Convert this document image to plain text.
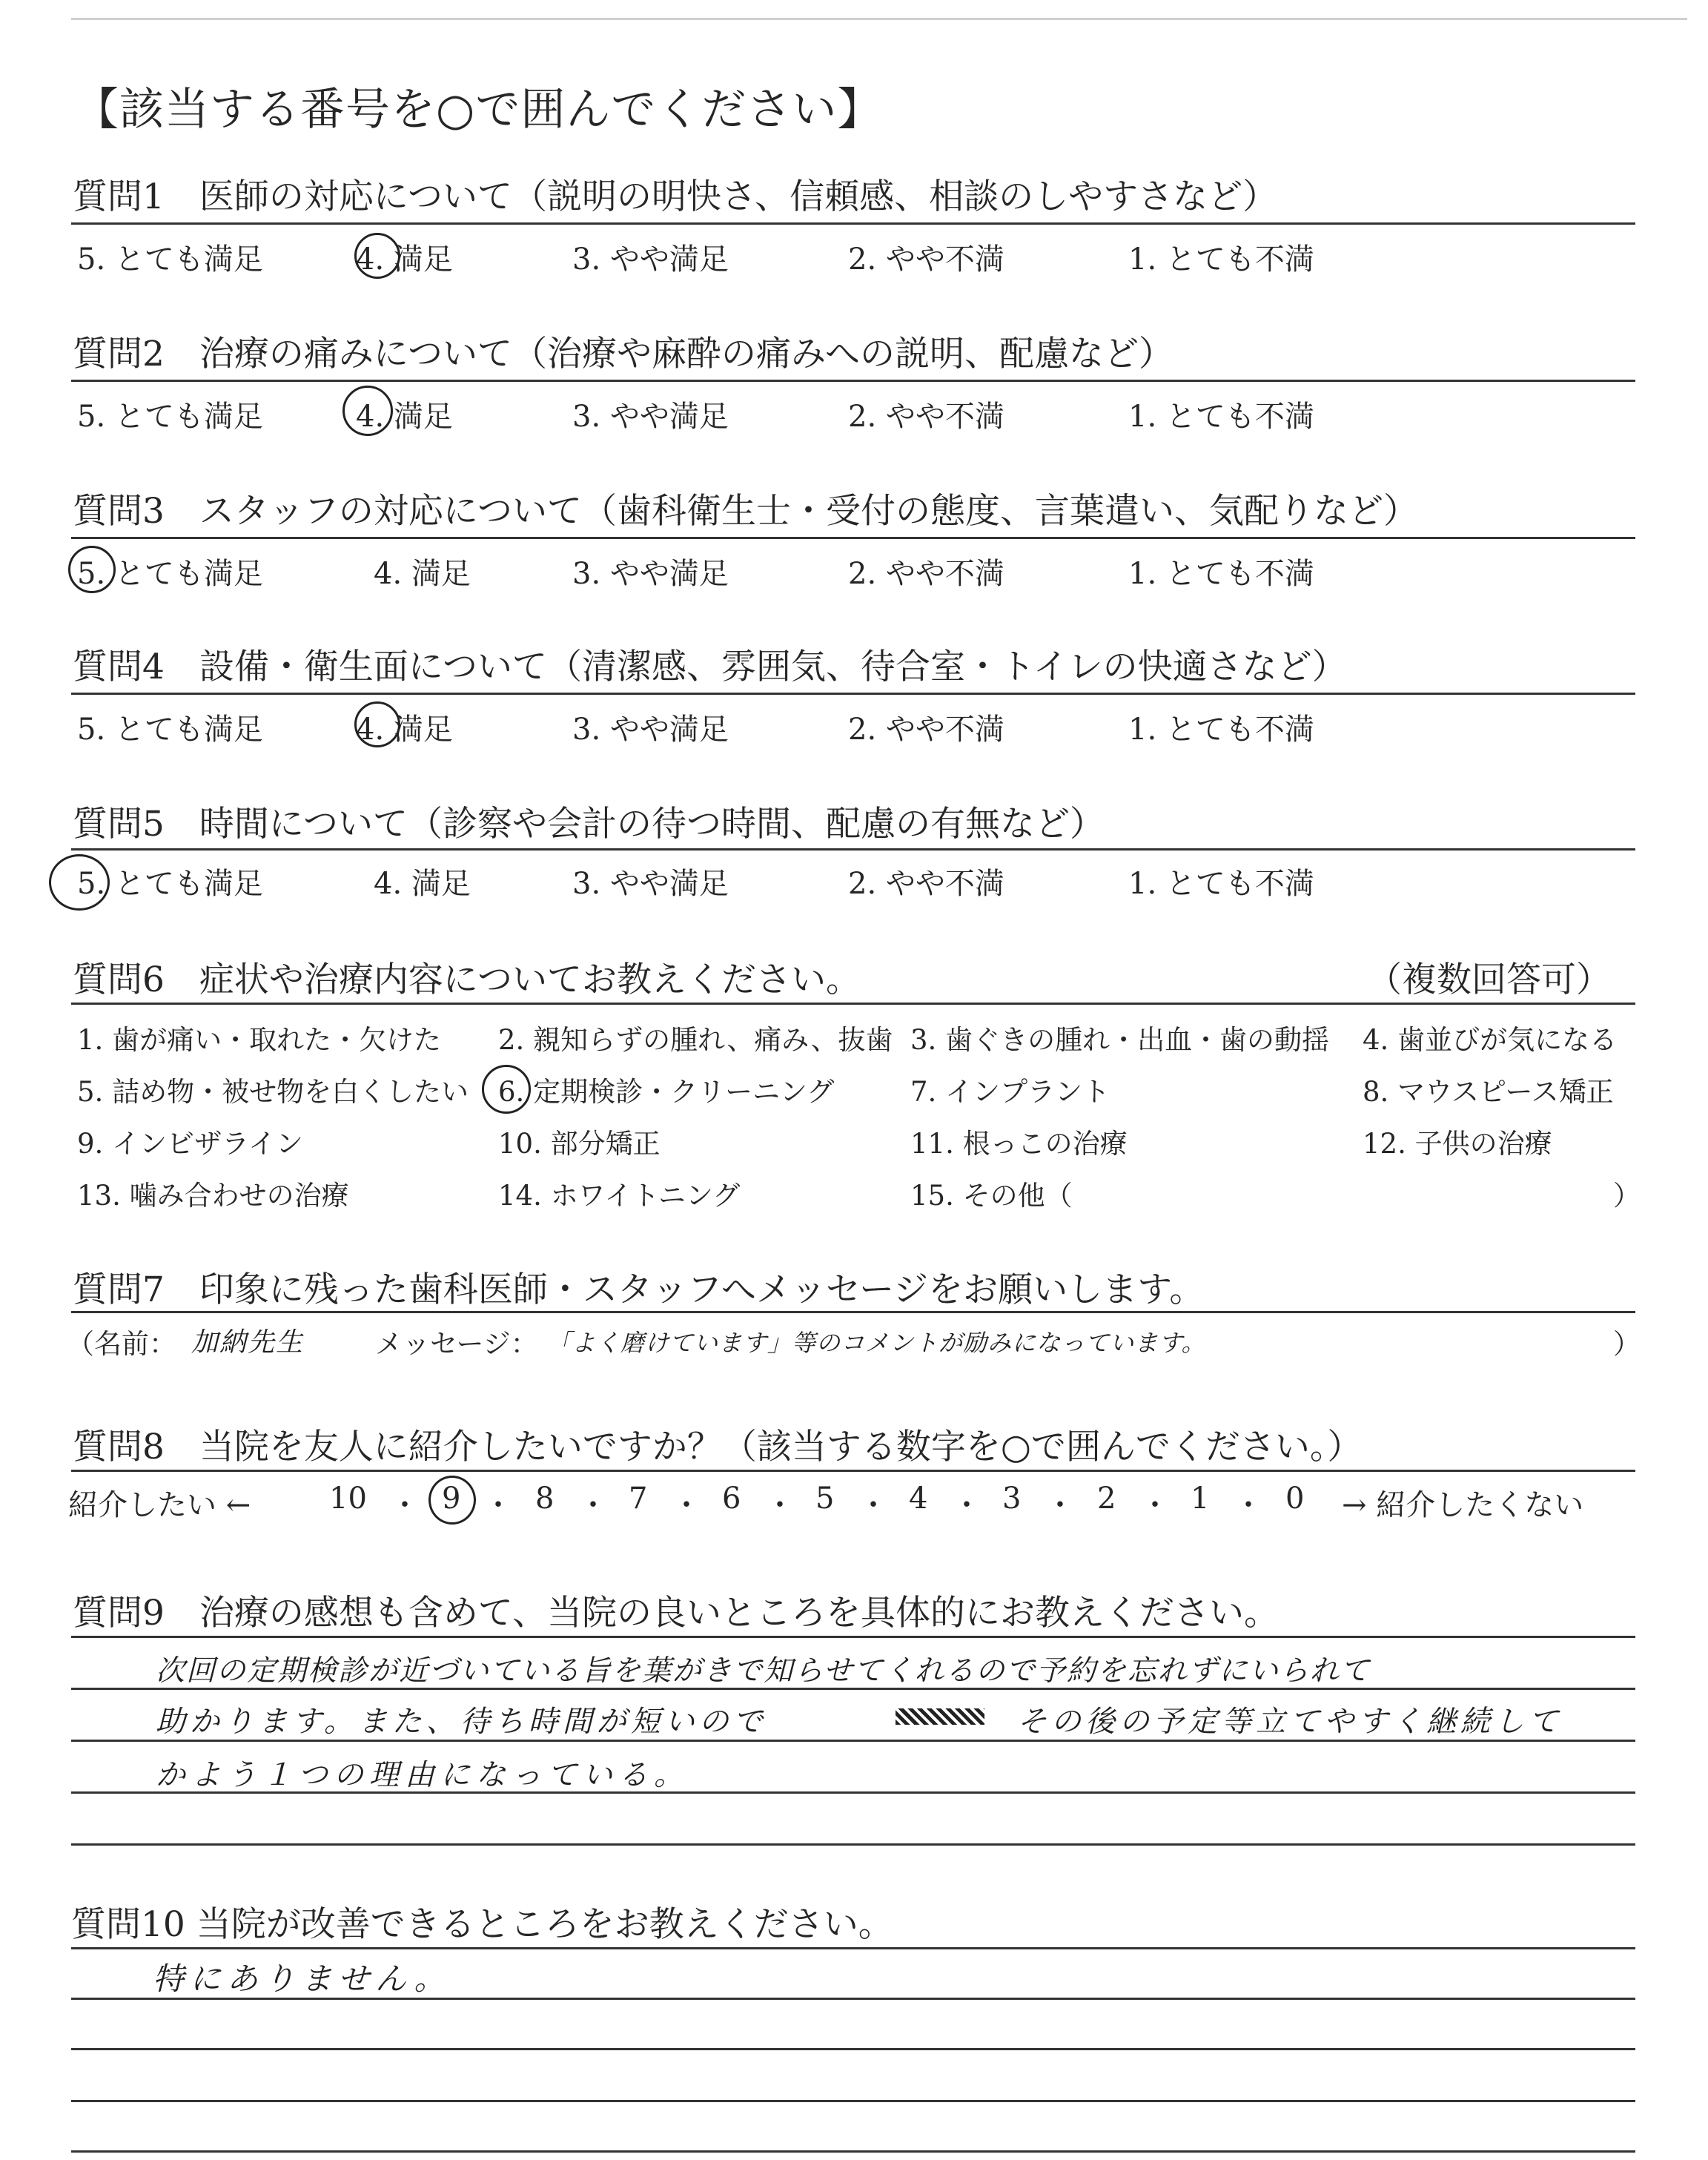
【該当する番号を○で囲んでください】
質問1　医師の対応について（説明の明快さ、信頼感、相談のしやすさなど）
5. とても満足	4. 満足	3. やや満足	2. やや不満	1. とても不満
質問2　治療の痛みについて（治療や麻酔の痛みへの説明、配慮など）
5. とても満足	4. 満足	3. やや満足	2. やや不満	1. とても不満
質問3　スタッフの対応について（歯科衛生士・受付の態度、言葉遣い、気配りなど）
5. とても満足	4. 満足	3. やや満足	2. やや不満	1. とても不満
質問4　設備・衛生面について（清潔感、雰囲気、待合室・トイレの快適さなど）
5. とても満足	4. 満足	3. やや満足	2. やや不満	1. とても不満
質問5　時間について（診察や会計の待つ時間、配慮の有無など）
5. とても満足	4. 満足	3. やや満足	2. やや不満	1. とても不満
質問6　症状や治療内容についてお教えください。	（複数回答可）
1. 歯が痛い・取れた・欠けた 2. 親知らずの腫れ、痛み、抜歯 3. 歯ぐきの腫れ・出血・歯の動揺 4. 歯並びが気になる
5. 詰め物・被せ物を白くしたい 6. 定期検診・クリーニング	7. インプラント	8. マウスピース矯正
9. インビザライン	10. 部分矯正	11. 根っこの治療	12. 子供の治療
13. 噛み合わせの治療	14. ホワイトニング	15. その他（	）
質問7　印象に残った歯科医師・スタッフへメッセージをお願いします。
（名前： 加納先生	メッセージ： 「よく磨けています」等のコメントが励みになっています。	）
質問8　当院を友人に紹介したいですか？（該当する数字を○で囲んでください。）
紹介したい ←	10 ・ 9 ・ 8 ・ 7 ・ 6 ・ 5 ・ 4 ・ 3 ・ 2 ・ 1 ・ 0 → 紹介したくない
質問9　治療の感想も含めて、当院の良いところを具体的にお教えください。
次回の定期検診が近づいている旨を葉がきで知らせてくれるので予約を忘れずにいられて
助かります。また、待ち時間が短いので	その後の予定等立てやすく継続して
かよう１つの理由になっている。
質問10 当院が改善できるところをお教えください。
特にありません。
